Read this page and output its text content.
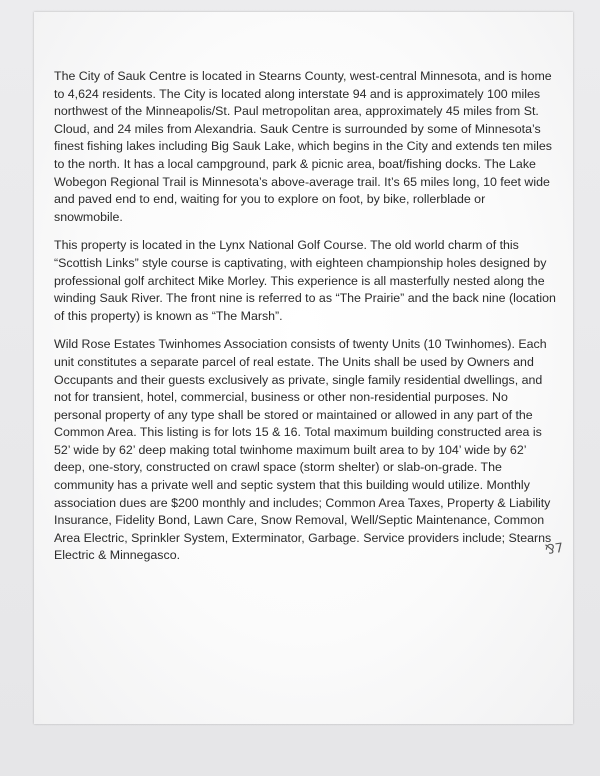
The City of Sauk Centre is located in Stearns County, west-central Minnesota, and is home to 4,624 residents. The City is located along interstate 94 and is approximately 100 miles northwest of the Minneapolis/St. Paul metropolitan area, approximately 45 miles from St. Cloud, and 24 miles from Alexandria. Sauk Centre is surrounded by some of Minnesota’s finest fishing lakes including Big Sauk Lake, which begins in the City and extends ten miles to the north. It has a local campground, park & picnic area, boat/fishing docks. The Lake Wobegon Regional Trail is Minnesota’s above-average trail. It’s 65 miles long, 10 feet wide and paved end to end, waiting for you to explore on foot, by bike, rollerblade or snowmobile.

This property is located in the Lynx National Golf Course. The old world charm of this “Scottish Links” style course is captivating, with eighteen championship holes designed by professional golf architect Mike Morley. This experience is all masterfully nested along the winding Sauk River. The front nine is referred to as “The Prairie” and the back nine (location of this property) is known as “The Marsh”.

Wild Rose Estates Twinhomes Association consists of twenty Units (10 Twinhomes). Each unit constitutes a separate parcel of real estate. The Units shall be used by Owners and Occupants and their guests exclusively as private, single family residential dwellings, and not for transient, hotel, commercial, business or other non-residential purposes. No personal property of any type shall be stored or maintained or allowed in any part of the Common Area. This listing is for lots 15 & 16. Total maximum building constructed area is 52’ wide by 62’ deep making total twinhome maximum built area to by 104’ wide by 62’ deep, one-story, constructed on crawl space (storm shelter) or slab-on-grade. The community has a private well and septic system that this building would utilize. Monthly association dues are $200 monthly and includes; Common Area Taxes, Property & Liability Insurance, Fidelity Bond, Lawn Care, Snow Removal, Well/Septic Maintenance, Common Area Electric, Sprinkler System, Exterminator, Garbage. Service providers include; Stearns Electric & Minnegasco.	⅋7
